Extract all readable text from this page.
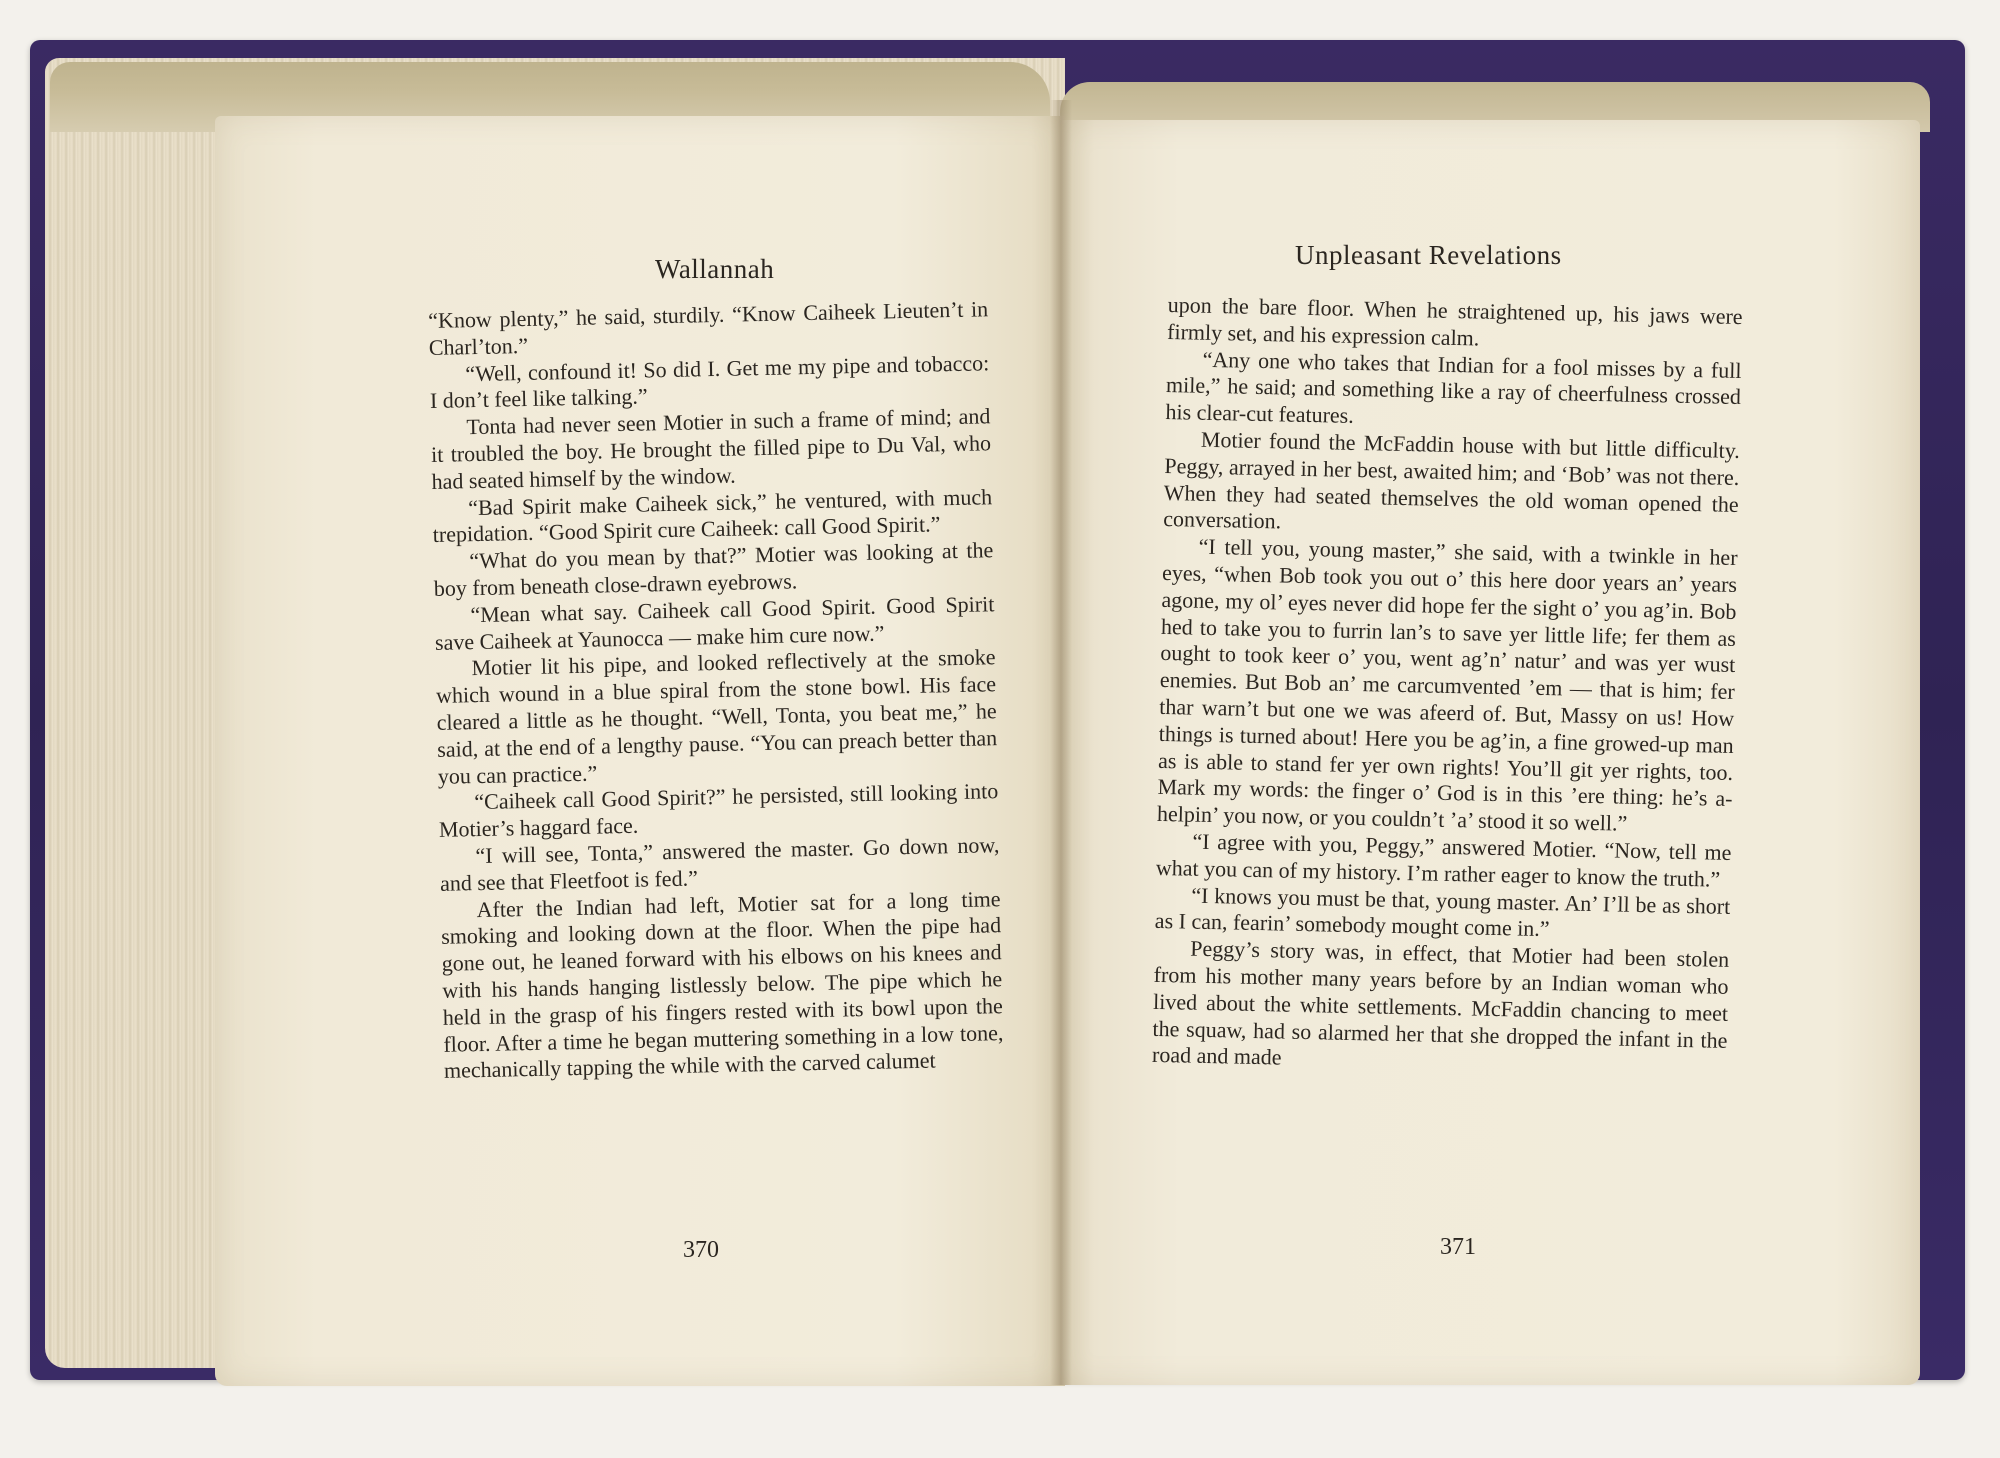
Wallannah	Unpleasant Revelations

“Know plenty,” he said, sturdily. “Know Caiheek Lieuten’t in Charl’ton.”

“Well, confound it! So did I. Get me my pipe and tobacco: I don’t feel like talking.”

Tonta had never seen Motier in such a frame of mind; and it troubled the boy. He brought the filled pipe to Du Val, who had seated himself by the window.

“Bad Spirit make Caiheek sick,” he ventured, with much trepidation. “Good Spirit cure Caiheek: call Good Spirit.”

“What do you mean by that?” Motier was looking at the boy from beneath close-drawn eyebrows.

“Mean what say. Caiheek call Good Spirit. Good Spirit save Caiheek at Yaunocca — make him cure now.”

Motier lit his pipe, and looked reflectively at the smoke which wound in a blue spiral from the stone bowl. His face cleared a little as he thought. “Well, Tonta, you beat me,” he said, at the end of a lengthy pause. “You can preach better than you can practice.”

“Caiheek call Good Spirit?” he persisted, still looking into Motier’s haggard face.

“I will see, Tonta,” answered the master. Go down now, and see that Fleetfoot is fed.”

After the Indian had left, Motier sat for a long time smoking and looking down at the floor. When the pipe had gone out, he leaned forward with his elbows on his knees and with his hands hanging listlessly below. The pipe which he held in the grasp of his fingers rested with its bowl upon the floor. After a time he began muttering something in a low tone, mechanically tapping the while with the carved calumet

upon the bare floor. When he straightened up, his jaws were firmly set, and his expression calm.

“Any one who takes that Indian for a fool misses by a full mile,” he said; and something like a ray of cheerfulness crossed his clear-cut features.

Motier found the McFaddin house with but little difficulty. Peggy, arrayed in her best, awaited him; and ‘Bob’ was not there. When they had seated themselves the old woman opened the conversation.

“I tell you, young master,” she said, with a twinkle in her eyes, “when Bob took you out o’ this here door years an’ years agone, my ol’ eyes never did hope fer the sight o’ you ag’in. Bob hed to take you to furrin lan’s to save yer little life; fer them as ought to took keer o’ you, went ag’n’ natur’ and was yer wust enemies. But Bob an’ me carcumvented ’em — that is him; fer thar warn’t but one we was afeerd of. But, Massy on us! How things is turned about! Here you be ag’in, a fine growed-up man as is able to stand fer yer own rights! You’ll git yer rights, too. Mark my words: the finger o’ God is in this ’ere thing: he’s a-helpin’ you now, or you couldn’t ’a’ stood it so well.”

“I agree with you, Peggy,” answered Motier. “Now, tell me what you can of my history. I’m rather eager to know the truth.”

“I knows you must be that, young master. An’ I’ll be as short as I can, fearin’ somebody mought come in.”

Peggy’s story was, in effect, that Motier had been stolen from his mother many years before by an Indian woman who lived about the white settlements. McFaddin chancing to meet the squaw, had so alarmed her that she dropped the infant in the road and made

370	371
